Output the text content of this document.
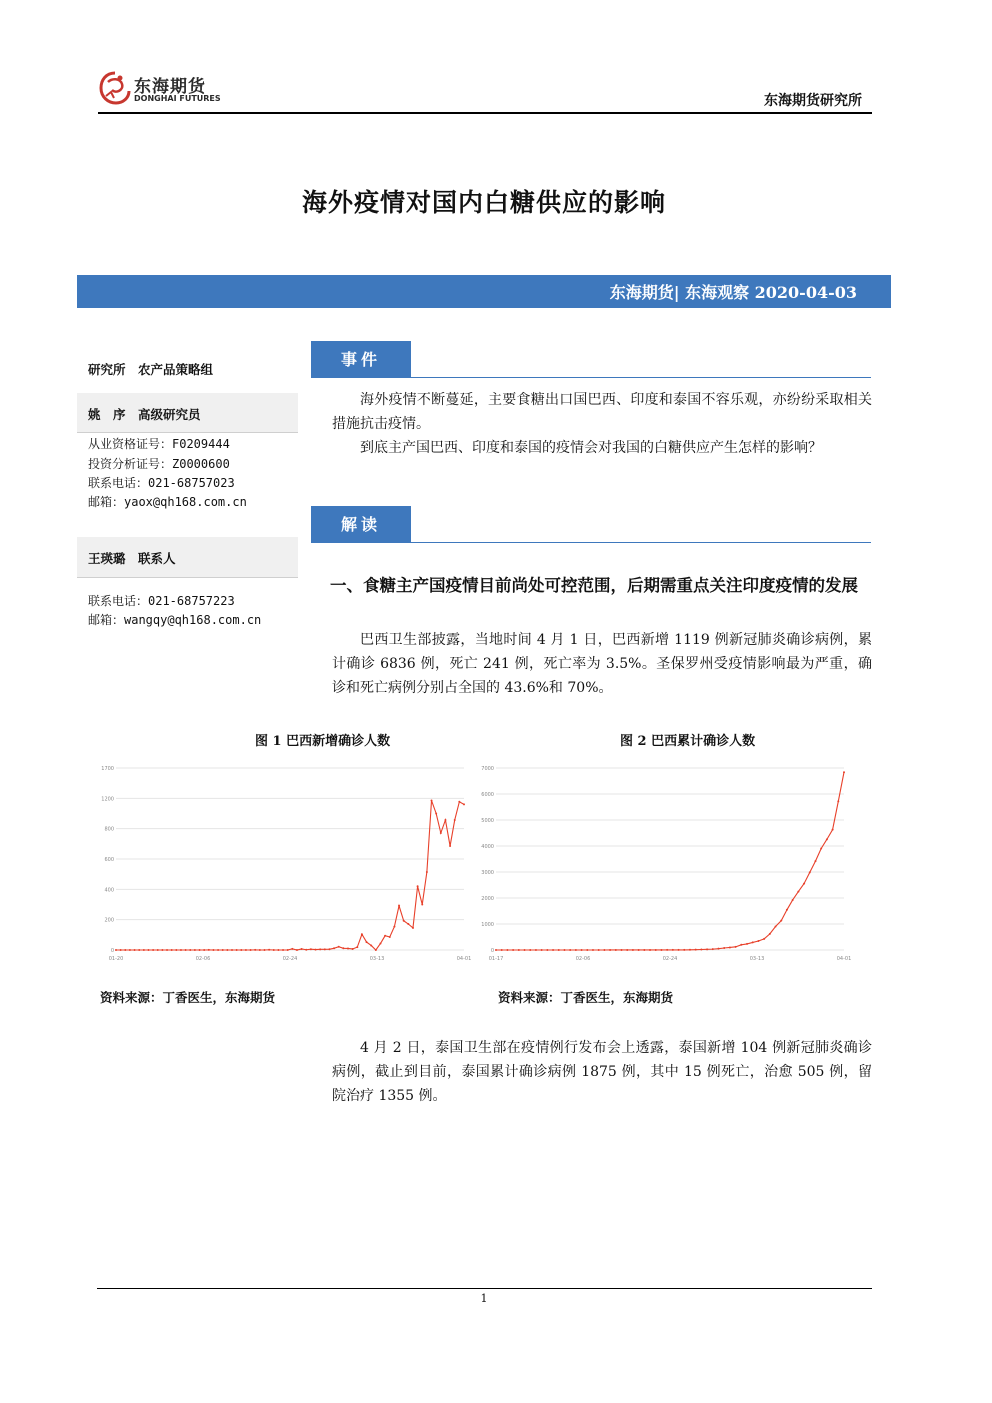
东海期货
DONGHAI FUTURES	东海期货研究所
海外疫情对国内白糖供应的影响
东海期货| 东海观察 2020-04-03
研究所　农产品策略组
姚　序　高级研究员
从业资格证号：F0209444
投资分析证号：Z0000600
联系电话：021-68757023
邮箱：yaox@qh168.com.cn
王瑛璐　联系人
联系电话：021-68757223
邮箱：wangqy@qh168.com.cn
事件
海外疫情不断蔓延，主要食糖出口国巴西、印度和泰国不容乐观，亦纷纷采取相关措施抗击疫情。
到底主产国巴西、印度和泰国的疫情会对我国的白糖供应产生怎样的影响？
解读
一、食糖主产国疫情目前尚处可控范围，后期需重点关注印度疫情的发展
巴西卫生部披露，当地时间 4 月 1 日，巴西新增 1119 例新冠肺炎确诊病例，累计确诊 6836 例，死亡 241 例，死亡率为 3.5%。圣保罗州受疫情影响最为严重，确诊和死亡病例分别占全国的 43.6%和 70%。
图 1 巴西新增确诊人数	图 2 巴西累计确诊人数
1700
1200
800
600
400
200
0
01-20	02-06	02-24	03-13	04-01
7000
6000
5000
4000
3000
2000
1000
0
01-17	02-06	02-24	03-13	04-01
资料来源：丁香医生，东海期货	资料来源：丁香医生，东海期货
4 月 2 日，泰国卫生部在疫情例行发布会上透露，泰国新增 104 例新冠肺炎确诊病例，截止到目前，泰国累计确诊病例 1875 例，其中 15 例死亡，治愈 505 例，留院治疗 1355 例。
1
